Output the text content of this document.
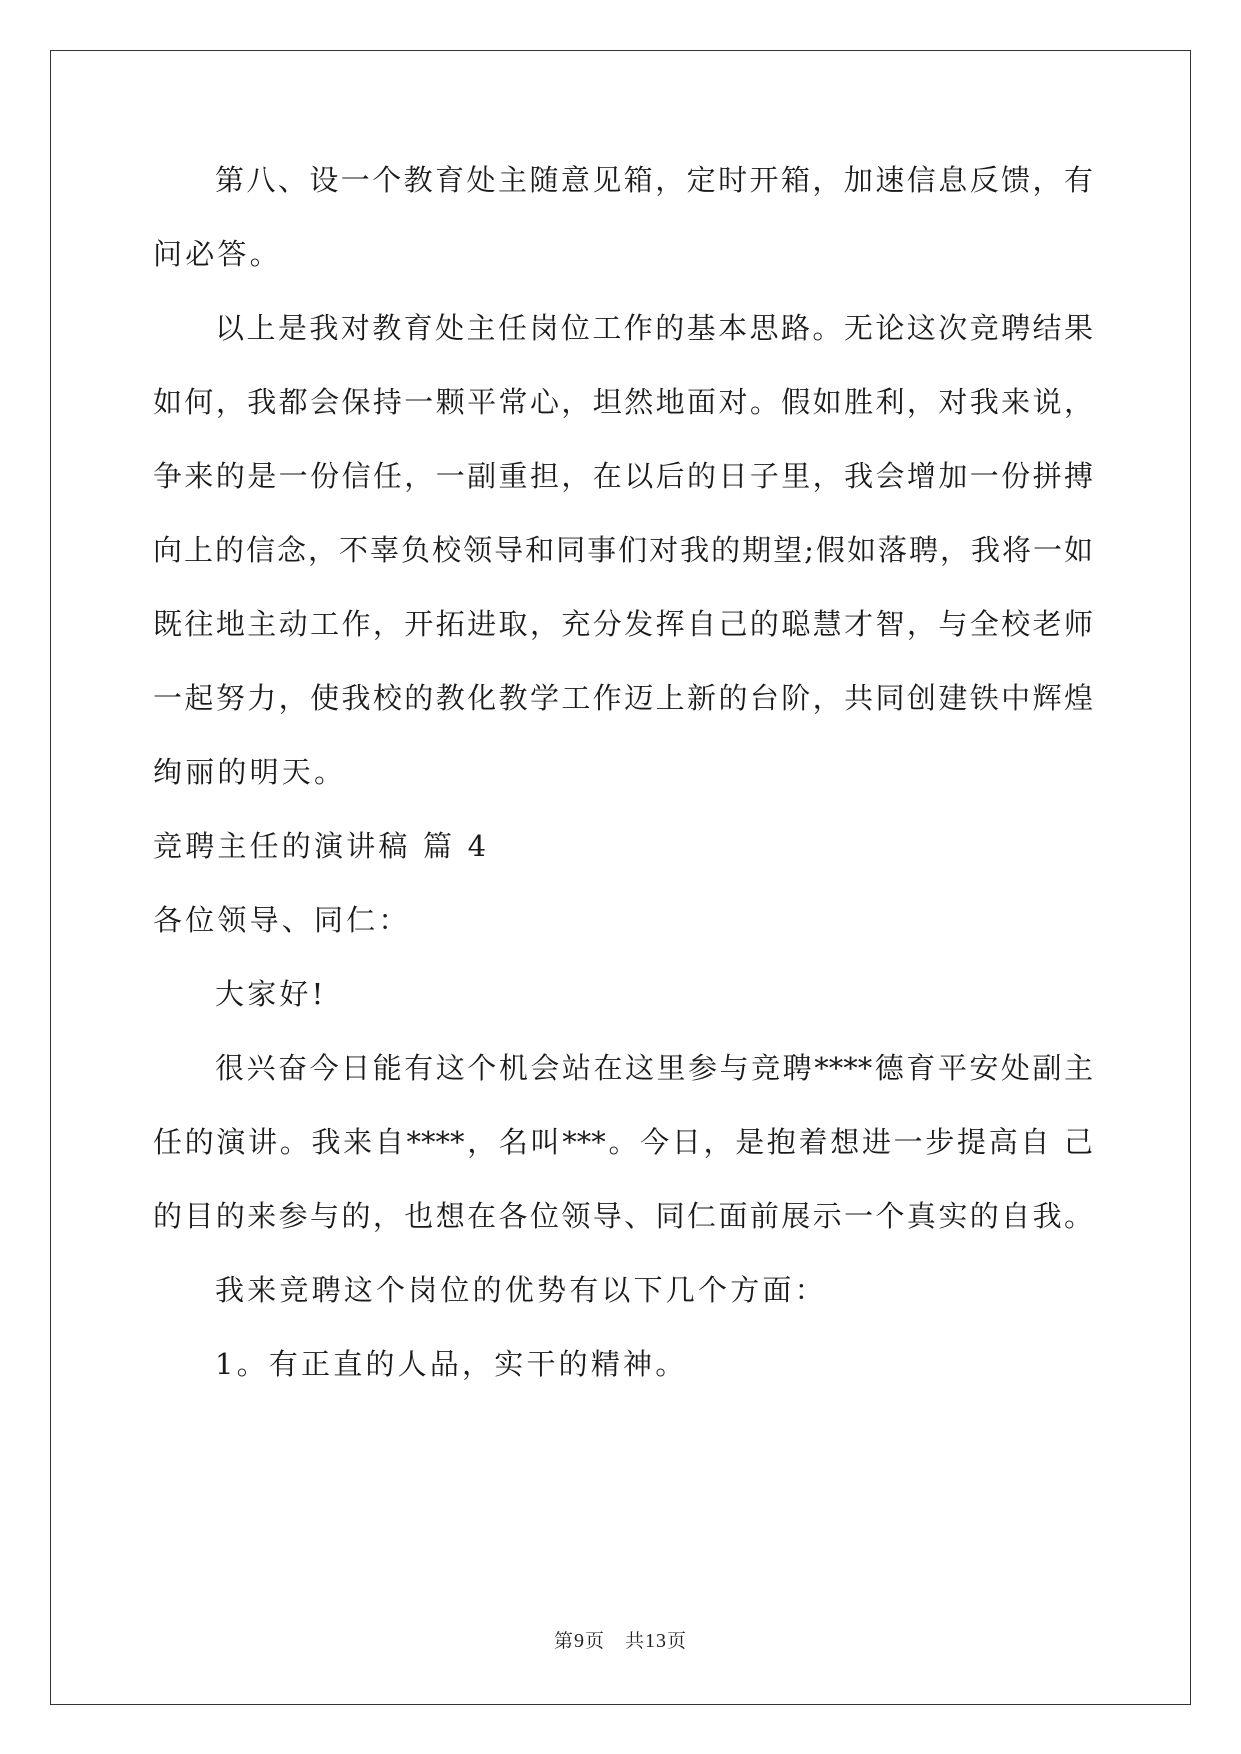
第八、设一个教育处主随意见箱，定时开箱，加速信息反馈，有
问必答。
以上是我对教育处主任岗位工作的基本思路。无论这次竞聘结果
如何，我都会保持一颗平常心，坦然地面对。假如胜利，对我来说，
争来的是一份信任，一副重担，在以后的日子里，我会增加一份拼搏
向上的信念，不辜负校领导和同事们对我的期望;假如落聘，我将一如
既往地主动工作，开拓进取，充分发挥自己的聪慧才智，与全校老师
一起努力，使我校的教化教学工作迈上新的台阶，共同创建铁中辉煌
绚丽的明天。
竞聘主任的演讲稿 篇 4
各位领导、同仁：
大家好!
很兴奋今日能有这个机会站在这里参与竞聘****德育平安处副主
任的演讲。我来自****，名叫***。今日，是抱着想进一步提高自 己
的目的来参与的，也想在各位领导、同仁面前展示一个真实的自我。
我来竞聘这个岗位的优势有以下几个方面：
1。有正直的人品，实干的精神。
第9页　共13页
